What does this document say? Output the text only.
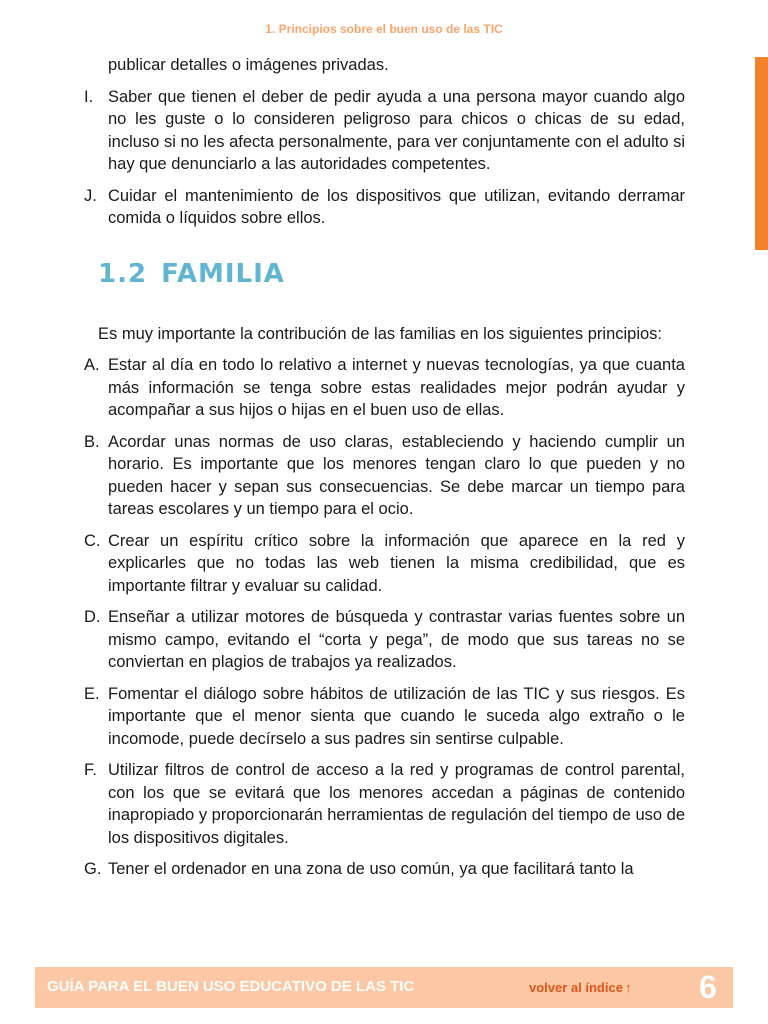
1. Principios sobre el buen uso de las TIC
publicar detalles o imágenes privadas.
I. Saber que tienen el deber de pedir ayuda a una persona mayor cuando algo no les guste o lo consideren peligroso para chicos o chicas de su edad, incluso si no les afecta personalmente, para ver conjuntamente con el adulto si hay que denunciarlo a las autoridades competentes.
J. Cuidar el mantenimiento de los dispositivos que utilizan, evitando derramar comida o líquidos sobre ellos.
1.2 FAMILIA

Es muy importante la contribución de las familias en los siguientes principios:

A. Estar al día en todo lo relativo a internet y nuevas tecnologías, ya que cuanta más información se tenga sobre estas realidades mejor podrán ayudar y acompañar a sus hijos o hijas en el buen uso de ellas.
B. Acordar unas normas de uso claras, estableciendo y haciendo cumplir un horario. Es importante que los menores tengan claro lo que pueden y no pueden hacer y sepan sus consecuencias. Se debe marcar un tiempo para tareas escolares y un tiempo para el ocio.
C. Crear un espíritu crítico sobre la información que aparece en la red y explicarles que no todas las web tienen la misma credibilidad, que es importante filtrar y evaluar su calidad.
D. Enseñar a utilizar motores de búsqueda y contrastar varias fuentes sobre un mismo campo, evitando el “corta y pega”, de modo que sus tareas no se conviertan en plagios de trabajos ya realizados.
E. Fomentar el diálogo sobre hábitos de utilización de las TIC y sus riesgos. Es importante que el menor sienta que cuando le suceda algo extraño o le incomode, puede decírselo a sus padres sin sentirse culpable.
F. Utilizar filtros de control de acceso a la red y programas de control parental, con los que se evitará que los menores accedan a páginas de contenido inapropiado y proporcionarán herramientas de regulación del tiempo de uso de los dispositivos digitales.
G. Tener el ordenador en una zona de uso común, ya que facilitará tanto la
GUÍA PARA EL BUEN USO EDUCATIVO DE LAS TIC	volver al índice ↑ 6
